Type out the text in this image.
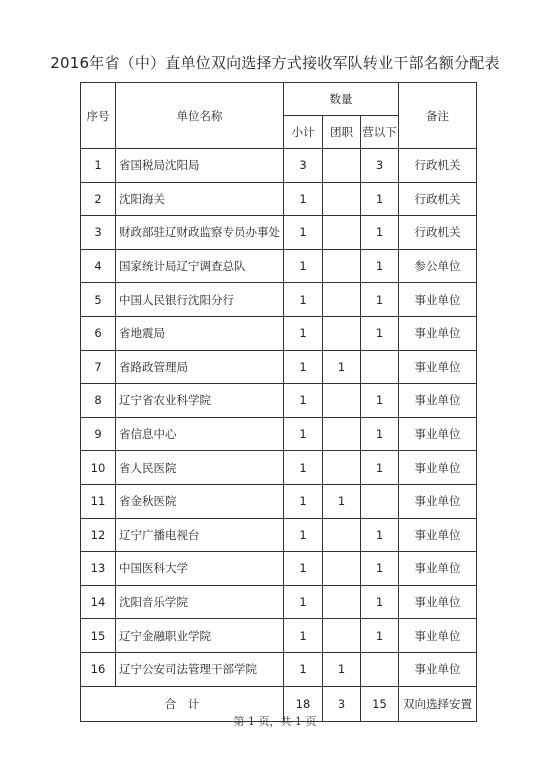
2016年省（中）直单位双向选择方式接收军队转业干部名额分配表
序号	单位名称	数量			备注
		小计	团职	营以下	
1	省国税局沈阳局	3		3	行政机关
2	沈阳海关	1		1	行政机关
3	财政部驻辽财政监察专员办事处	1		1	行政机关
4	国家统计局辽宁调查总队	1		1	参公单位
5	中国人民银行沈阳分行	1		1	事业单位
6	省地震局	1		1	事业单位
7	省路政管理局	1	1		事业单位
8	辽宁省农业科学院	1		1	事业单位
9	省信息中心	1		1	事业单位
10	省人民医院	1		1	事业单位
11	省金秋医院	1	1		事业单位
12	辽宁广播电视台	1		1	事业单位
13	中国医科大学	1		1	事业单位
14	沈阳音乐学院	1		1	事业单位
15	辽宁金融职业学院	1		1	事业单位
16	辽宁公安司法管理干部学院	1	1		事业单位
合　计		18	3	15	双向选择安置
第 1 页，共 1 页
